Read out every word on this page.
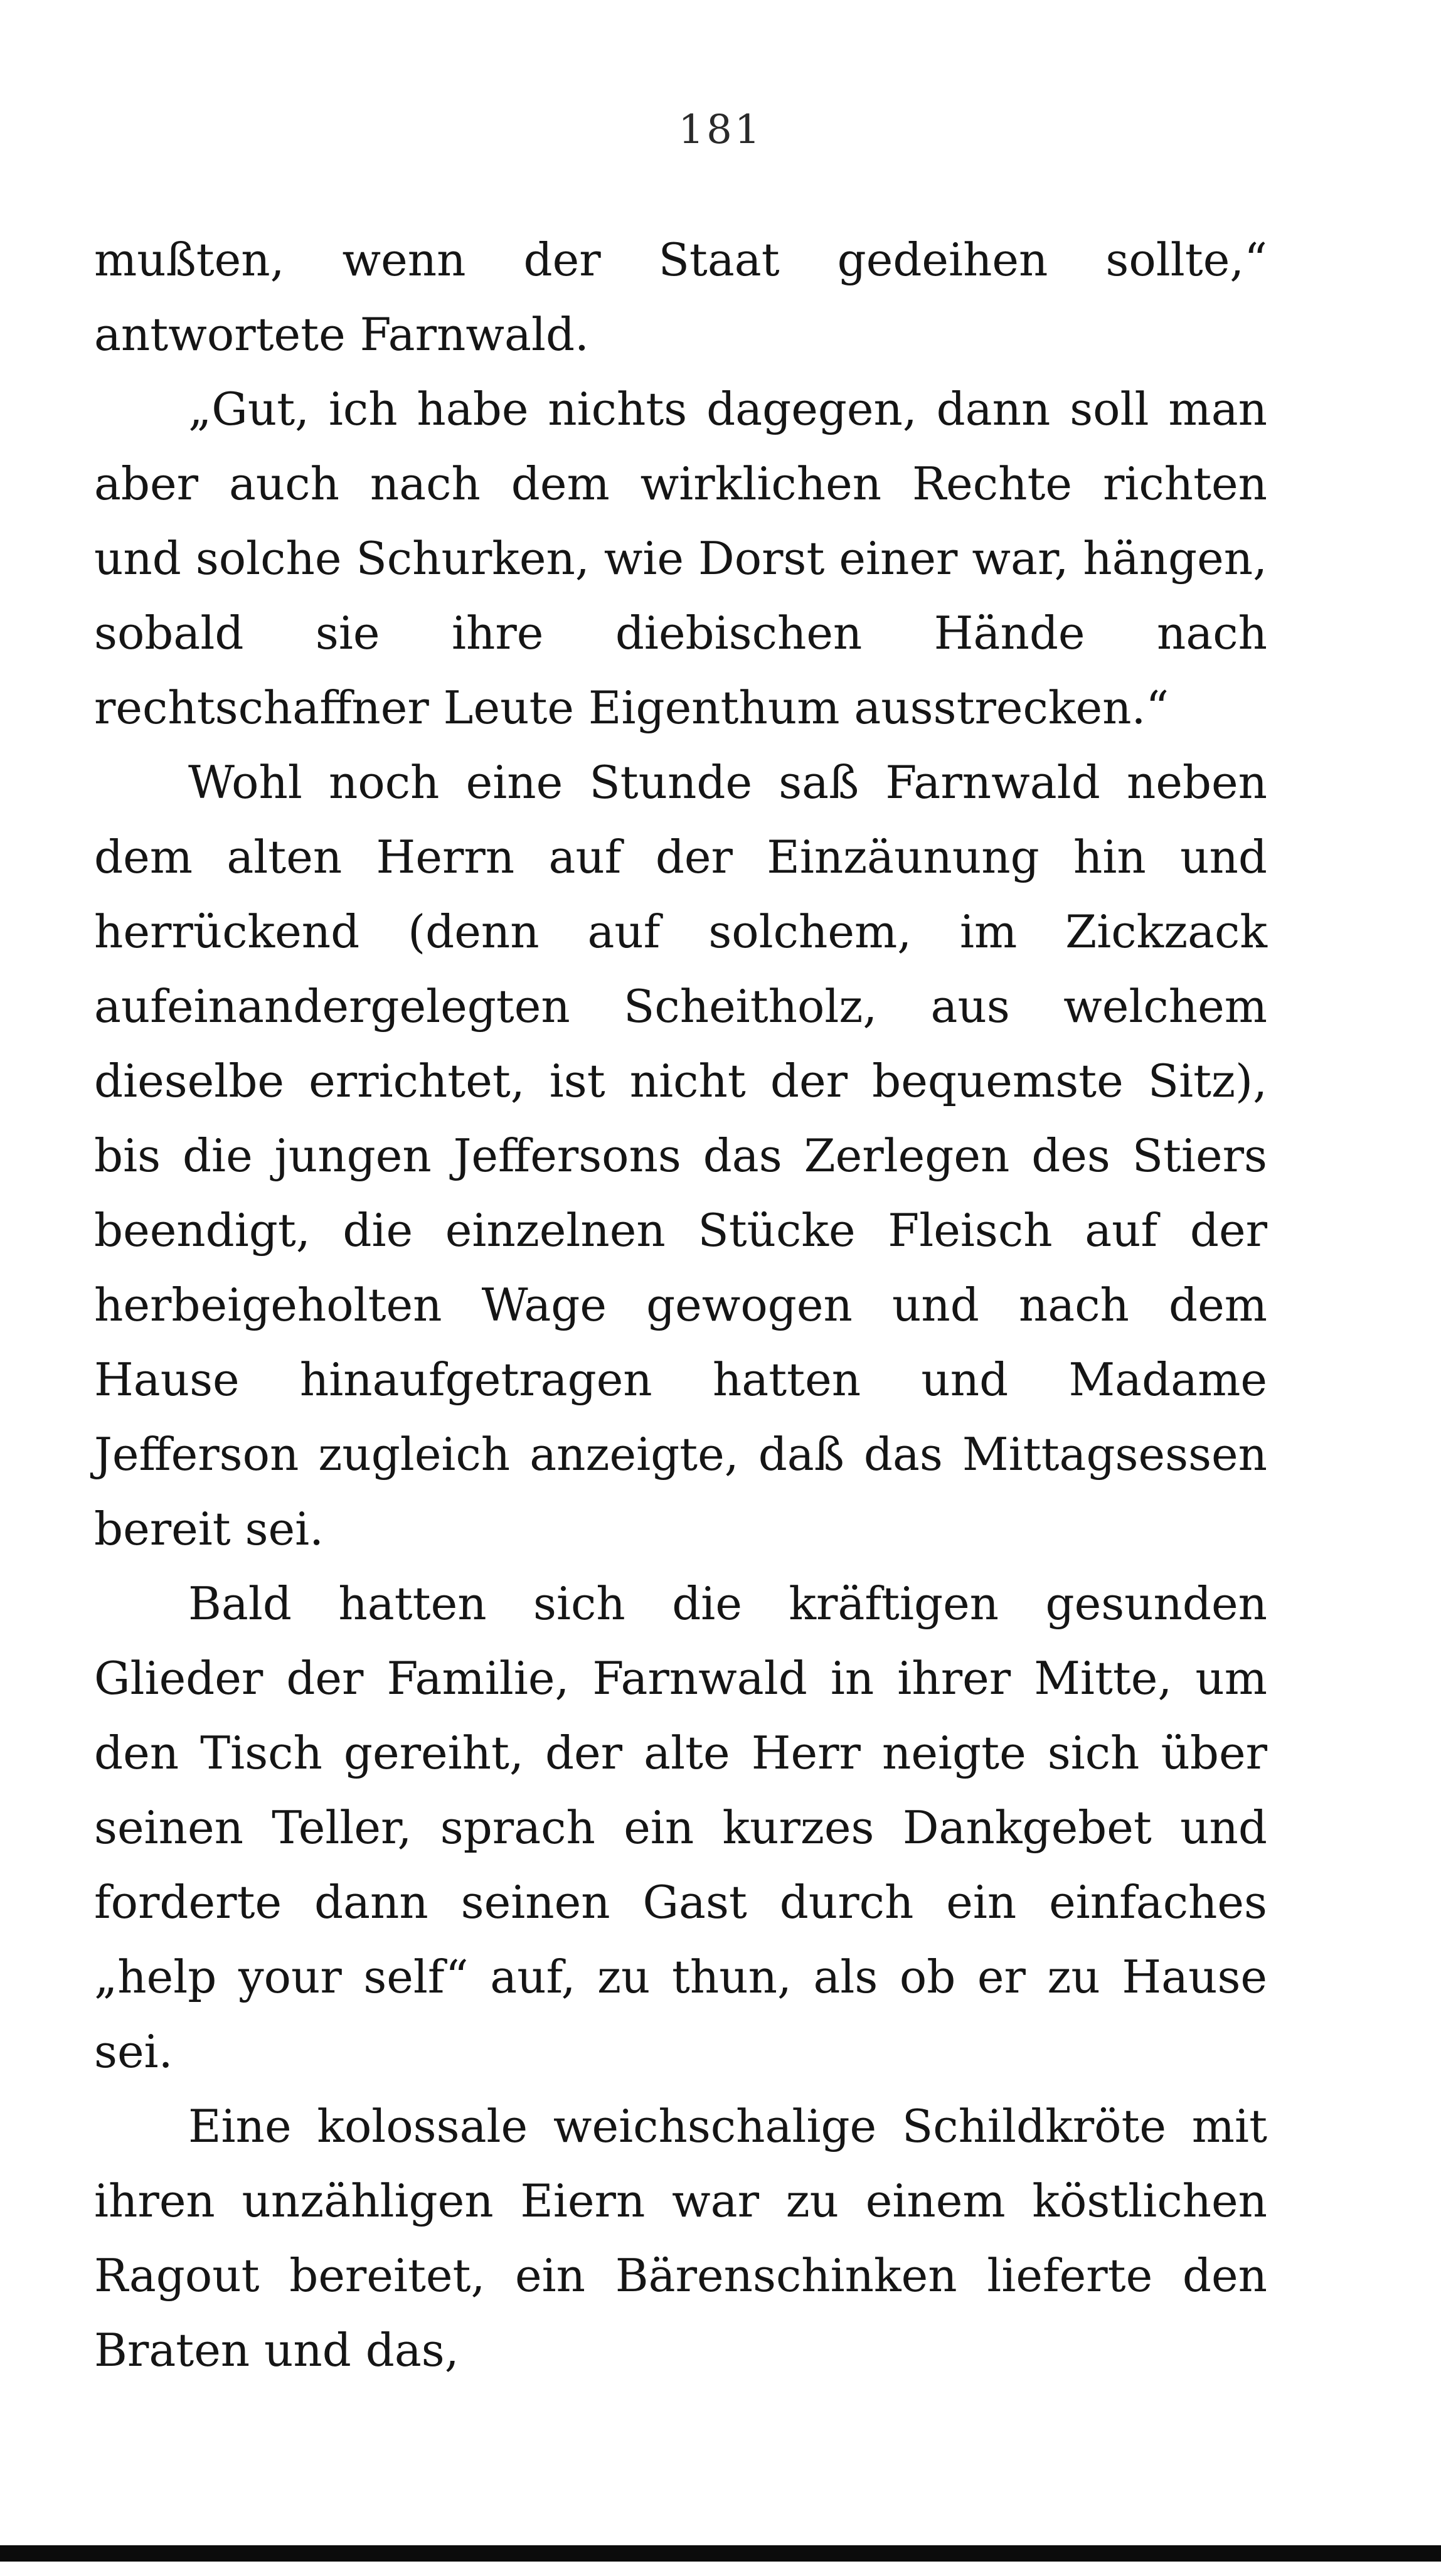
181

mußten, wenn der Staat gedeihen sollte,“ antwortete Farnwald.

„Gut, ich habe nichts dagegen, dann soll man aber auch nach dem wirklichen Rechte richten und solche Schurken, wie Dorst einer war, hängen, sobald sie ihre diebischen Hände nach rechtschaffner Leute Eigenthum ausstrecken.“

Wohl noch eine Stunde saß Farnwald neben dem alten Herrn auf der Einzäunung hin und herrückend (denn auf solchem, im Zickzack aufeinandergelegten Scheitholz, aus welchem dieselbe errichtet, ist nicht der bequemste Sitz), bis die jungen Jeffersons das Zerlegen des Stiers beendigt, die einzelnen Stücke Fleisch auf der herbeigeholten Wage gewogen und nach dem Hause hinaufgetragen hatten und Madame Jefferson zugleich anzeigte, daß das Mittagsessen bereit sei.

Bald hatten sich die kräftigen gesunden Glieder der Familie, Farnwald in ihrer Mitte, um den Tisch gereiht, der alte Herr neigte sich über seinen Teller, sprach ein kurzes Dankgebet und forderte dann seinen Gast durch ein einfaches „help your self“ auf, zu thun, als ob er zu Hause sei.

Eine kolossale weichschalige Schildkröte mit ihren unzähligen Eiern war zu einem köstlichen Ragout bereitet, ein Bärenschinken lieferte den Braten und das,
